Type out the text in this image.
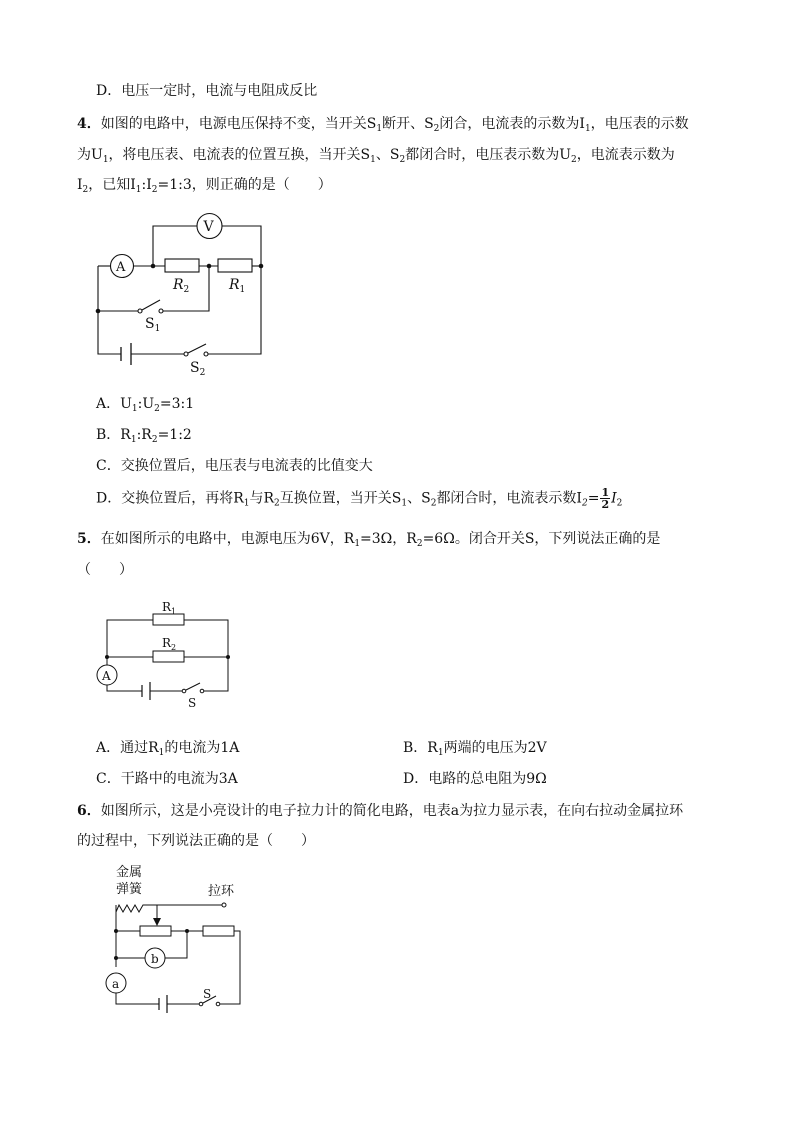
D．电压一定时，电流与电阻成反比
4．如图的电路中，电源电压保持不变，当开关$S_1$断开、$S_2$闭合，电流表的示数为$I_1$，电压表的示数
为$U_1$，将电压表、电流表的位置互换，当开关$S_1$、$S_2$都闭合时，电压表示数为$U_2$，电流表示数为
$I_2$，已知$I_1:I_2=1:3$，则正确的是（　　）
V
A
$R_2$	$R_1$
$S_1$
$S_2$
A．$U_1:U_2=3:1$
B．$R_1:R_2=1:2$
C．交换位置后，电压表与电流表的比值变大
D．交换位置后，再将$R_1$与$R_2$互换位置，当开关$S_1$、$S_2$都闭合时，电流表示数$I_2= \frac{1}{2} I_2$
5．在如图所示的电路中，电源电压为6V，$R_1=3\Omega$，$R_2=6\Omega$。闭合开关S，下列说法正确的是
（　　）
$R_1$
$R_2$
A
S
A．通过$R_1$的电流为1A	B．$R_1$两端的电压为2V
C．干路中的电流为3A	D．电路的总电阻为9Ω
6．如图所示，这是小亮设计的电子拉力计的简化电路，电表a为拉力显示表，在向右拉动金属拉环
的过程中，下列说法正确的是（　　）
金属
弹簧	拉环
b
a
S
